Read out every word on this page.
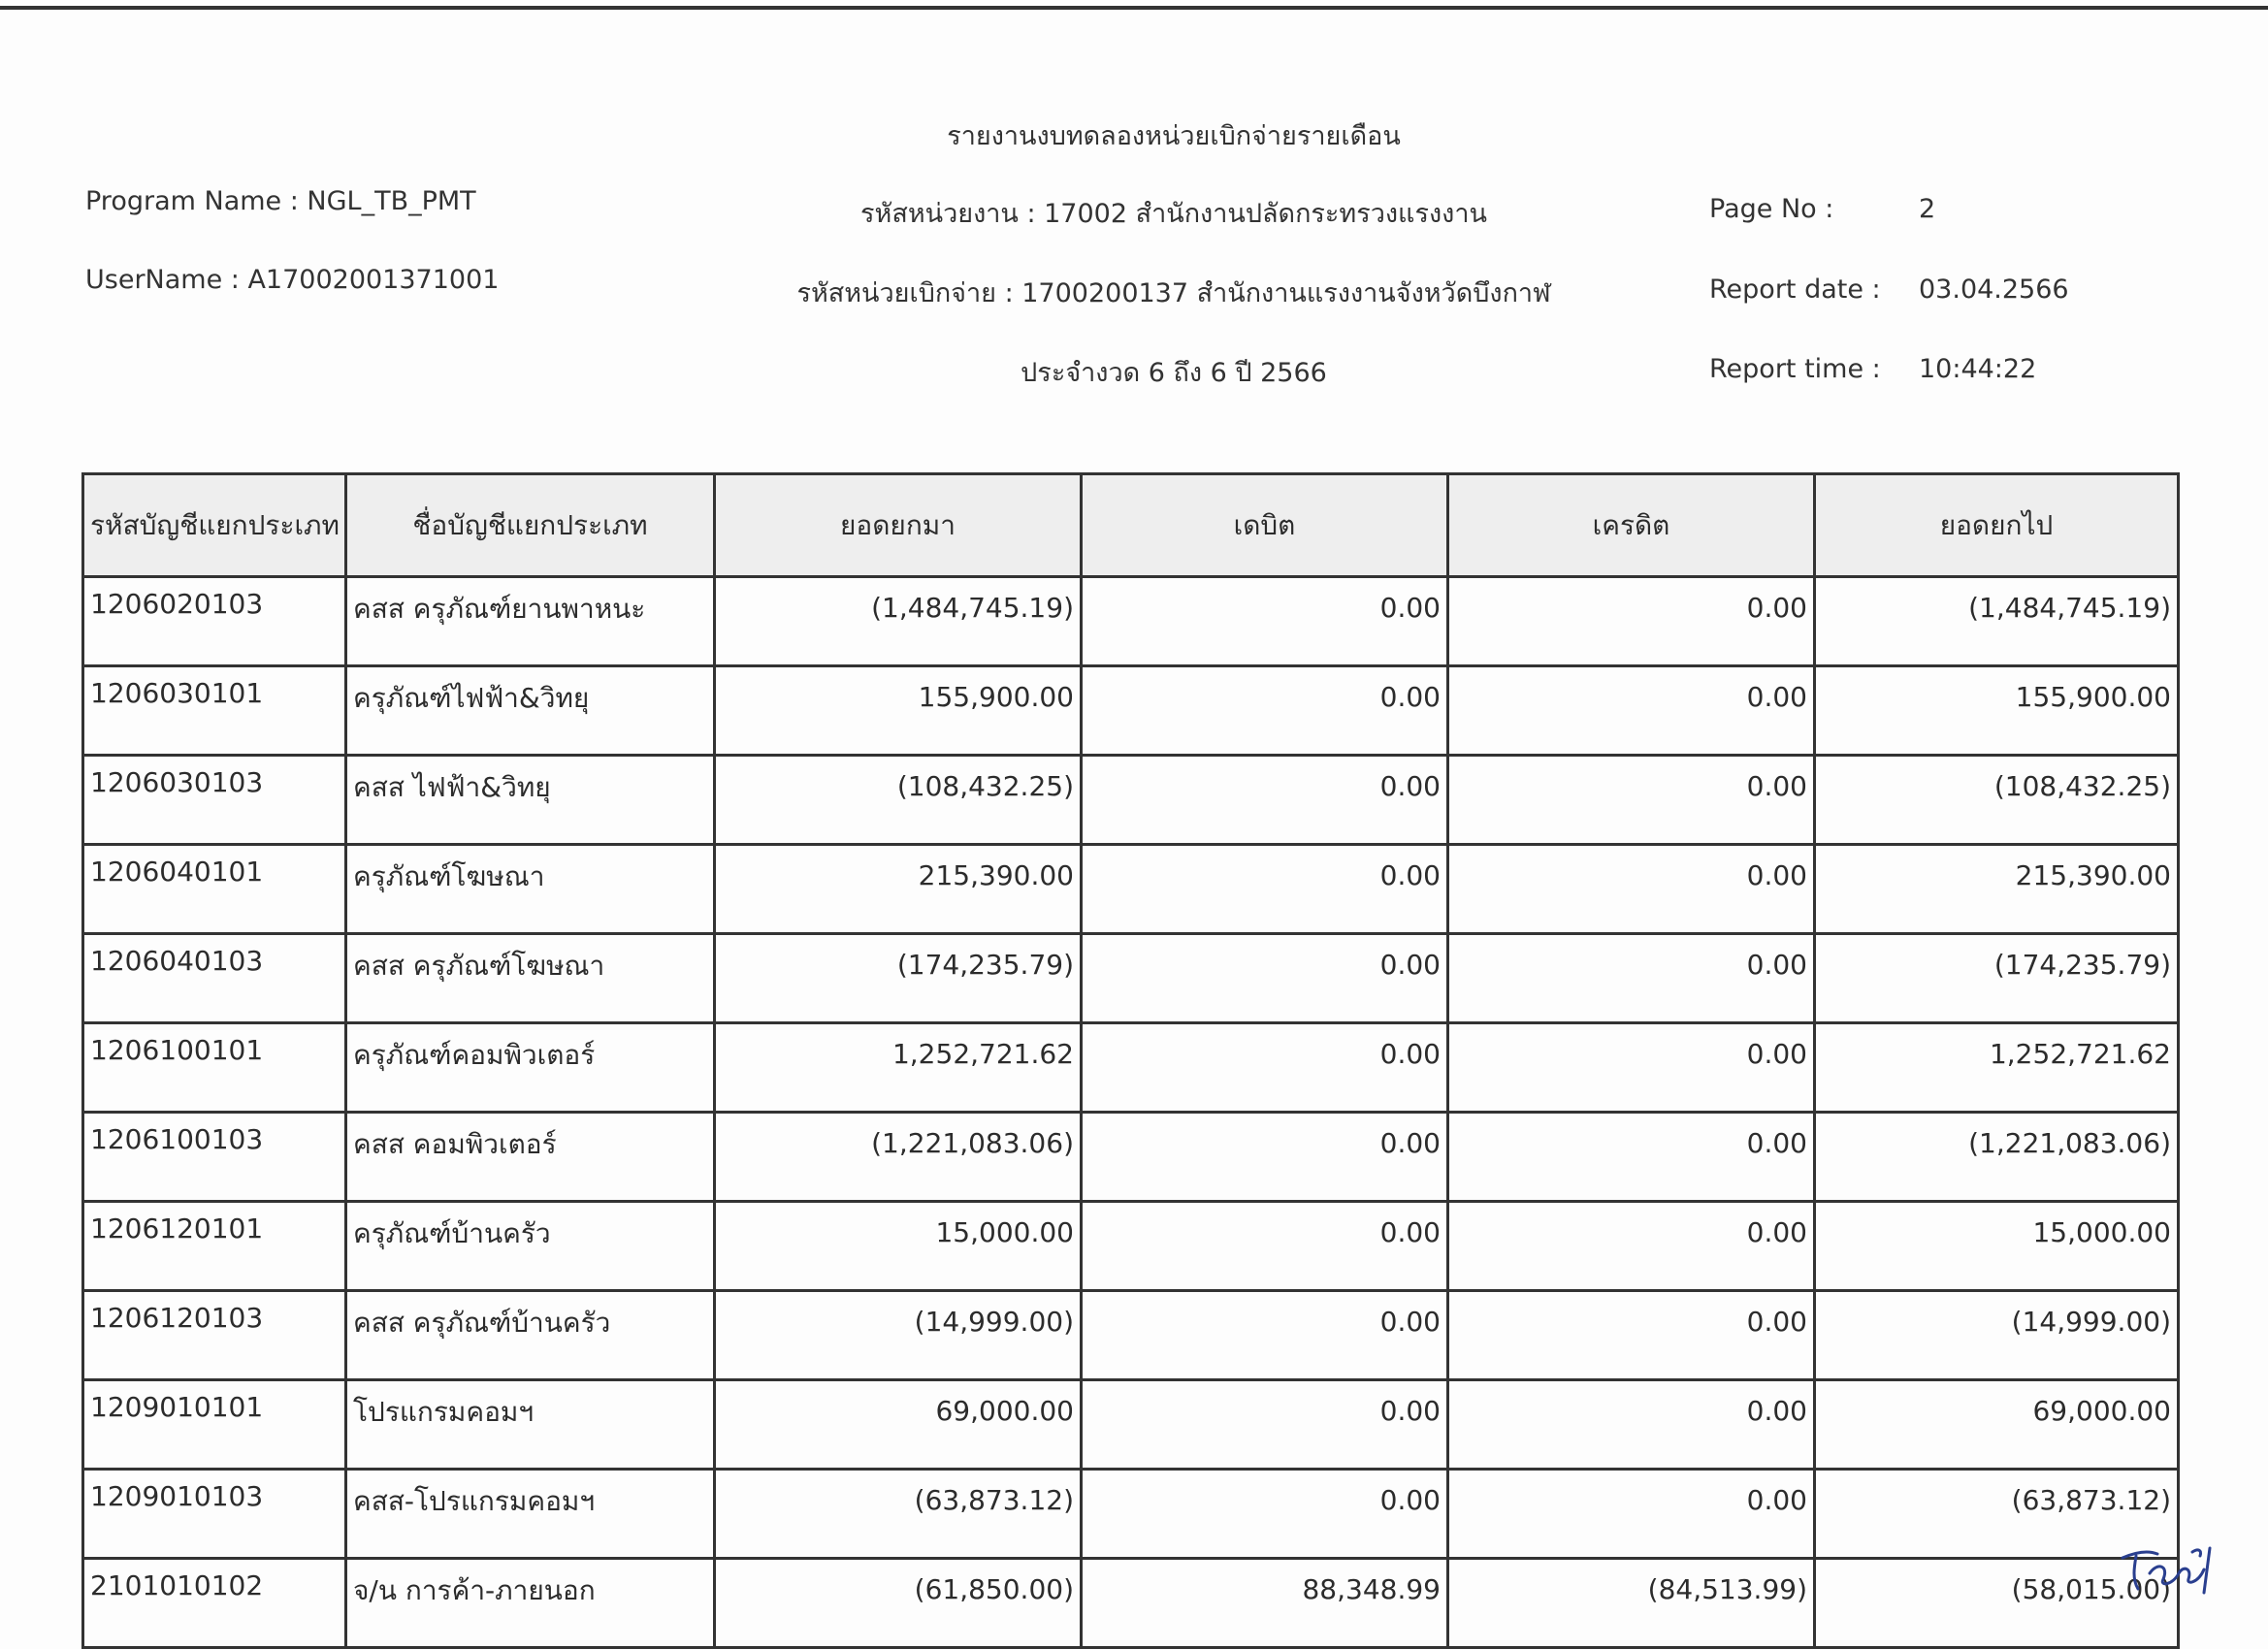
รายงานงบทดลองหน่วยเบิกจ่ายรายเดือน
Program Name : NGL_TB_PMT
UserName : A17002001371001
รหัสหน่วยงาน : 17002 สำนักงานปลัดกระทรวงแรงงาน
รหัสหน่วยเบิกจ่าย : 1700200137 สำนักงานแรงงานจังหวัดบึงกาฬ
ประจำงวด 6 ถึง 6 ปี 2566
Page No :	2
Report date : 03.04.2566
Report time : 10:44:22
รหัสบัญชีแยกประเภท	ชื่อบัญชีแยกประเภท	ยอดยกมา	เดบิต	เครดิต	ยอดยกไป
1206020103	คสส ครุภัณฑ์ยานพาหนะ	(1,484,745.19)	0.00	0.00	(1,484,745.19)
1206030101	ครุภัณฑ์ไฟฟ้า&วิทยุ	155,900.00	0.00	0.00	155,900.00
1206030103	คสส ไฟฟ้า&วิทยุ	(108,432.25)	0.00	0.00	(108,432.25)
1206040101	ครุภัณฑ์โฆษณา	215,390.00	0.00	0.00	215,390.00
1206040103	คสส ครุภัณฑ์โฆษณา	(174,235.79)	0.00	0.00	(174,235.79)
1206100101	ครุภัณฑ์คอมพิวเตอร์	1,252,721.62	0.00	0.00	1,252,721.62
1206100103	คสส คอมพิวเตอร์	(1,221,083.06)	0.00	0.00	(1,221,083.06)
1206120101	ครุภัณฑ์บ้านครัว	15,000.00	0.00	0.00	15,000.00
1206120103	คสส ครุภัณฑ์บ้านครัว	(14,999.00)	0.00	0.00	(14,999.00)
1209010101	โปรแกรมคอมฯ	69,000.00	0.00	0.00	69,000.00
1209010103	คสส-โปรแกรมคอมฯ	(63,873.12)	0.00	0.00	(63,873.12)
2101010102	จ/น การค้า-ภายนอก	(61,850.00)	88,348.99	(84,513.99)	(58,015.00)
